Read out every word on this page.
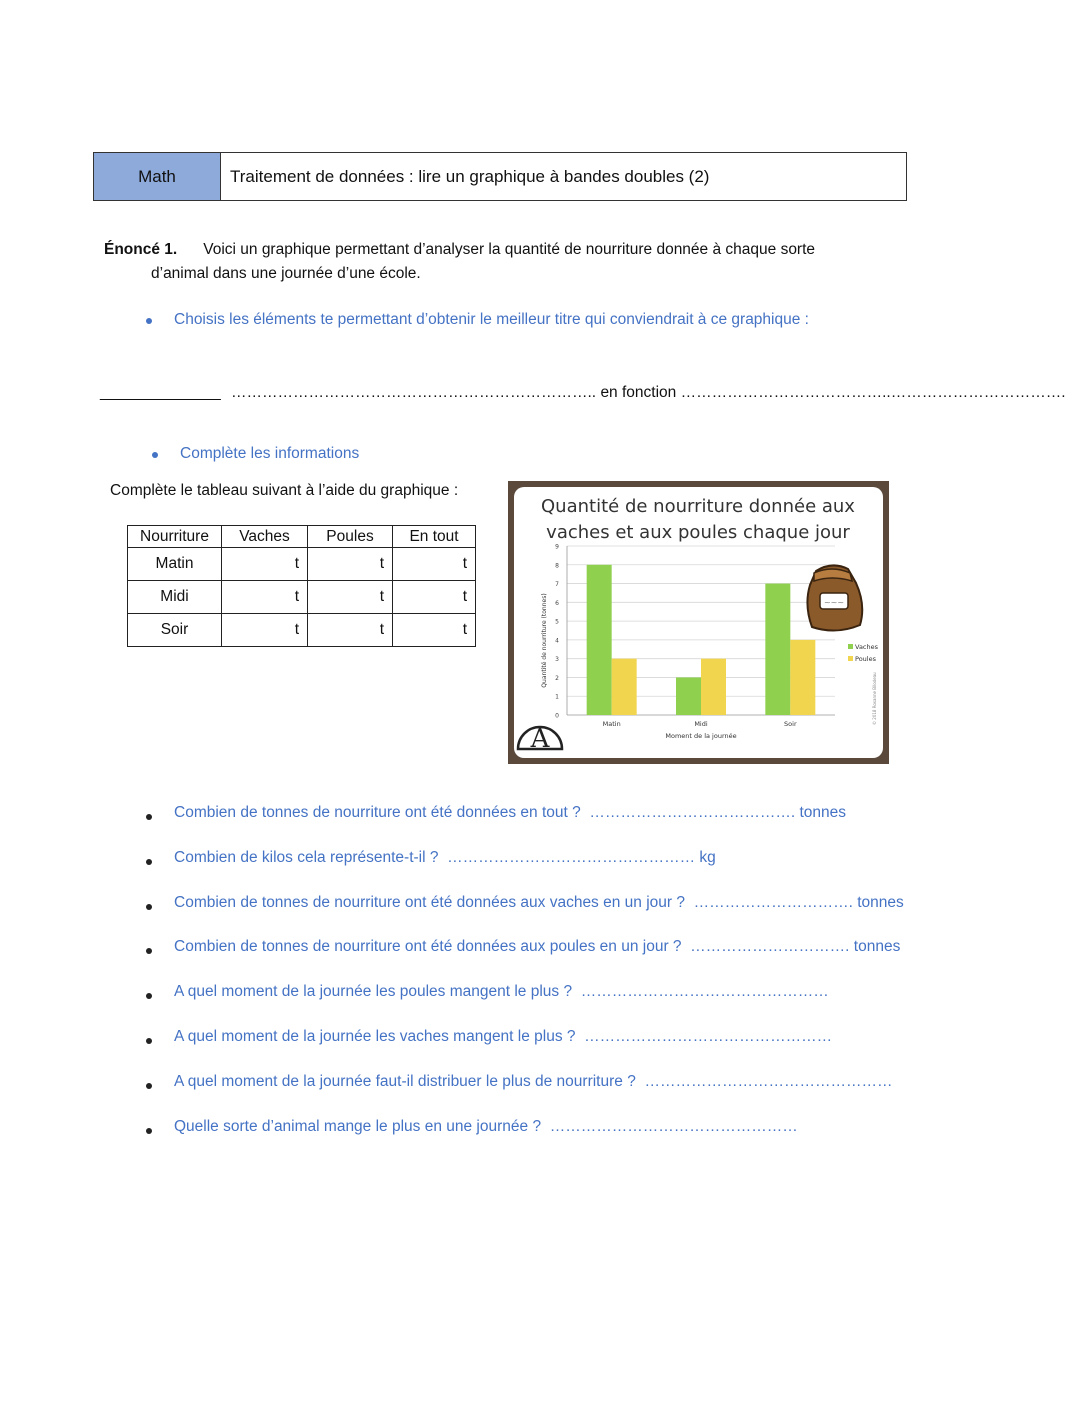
Math	Traitement de données : lire un graphique à bandes doubles (2)
Énoncé 1. Voici un graphique permettant d’analyser la quantité de nourriture donnée à chaque sorte
d’animal dans une journée d’une école.
Choisis les éléments te permettant d’obtenir le meilleur titre qui conviendrait à ce graphique :
______________ …………………………………………………………….. en fonction …………………………………..…………………………….
Complète les informations
Complète le tableau suivant à l’aide du graphique :
Nourriture	Vaches	Poules	En tout
Matin	t	t	t
Midi	t	t	t
Soir	t	t	t
Quantité de nourriture donnée aux
vaches et aux poules chaque jour
0
1
2
3
4
5
6
7
8
9
Matin	Midi	Soir
Moment de la journée
Quantité de nourriture (tonnes)	Vaches
Poules
~~~
A
© 2018 Roxanne Bilodeau
Combien de tonnes de nourriture ont été données en tout ?  …………………………………. tonnes
Combien de kilos cela représente-t-il ?  ………………………………………… kg
Combien de tonnes de nourriture ont été données aux vaches en un jour ?  …………………………. tonnes
Combien de tonnes de nourriture ont été données aux poules en un jour ?  …………………………. tonnes
A quel moment de la journée les poules mangent le plus ?  …………………………………………
A quel moment de la journée les vaches mangent le plus ?  …………………………………………
A quel moment de la journée faut-il distribuer le plus de nourriture ?  …………………………………………
Quelle sorte d’animal mange le plus en une journée ?  …………………………………………
